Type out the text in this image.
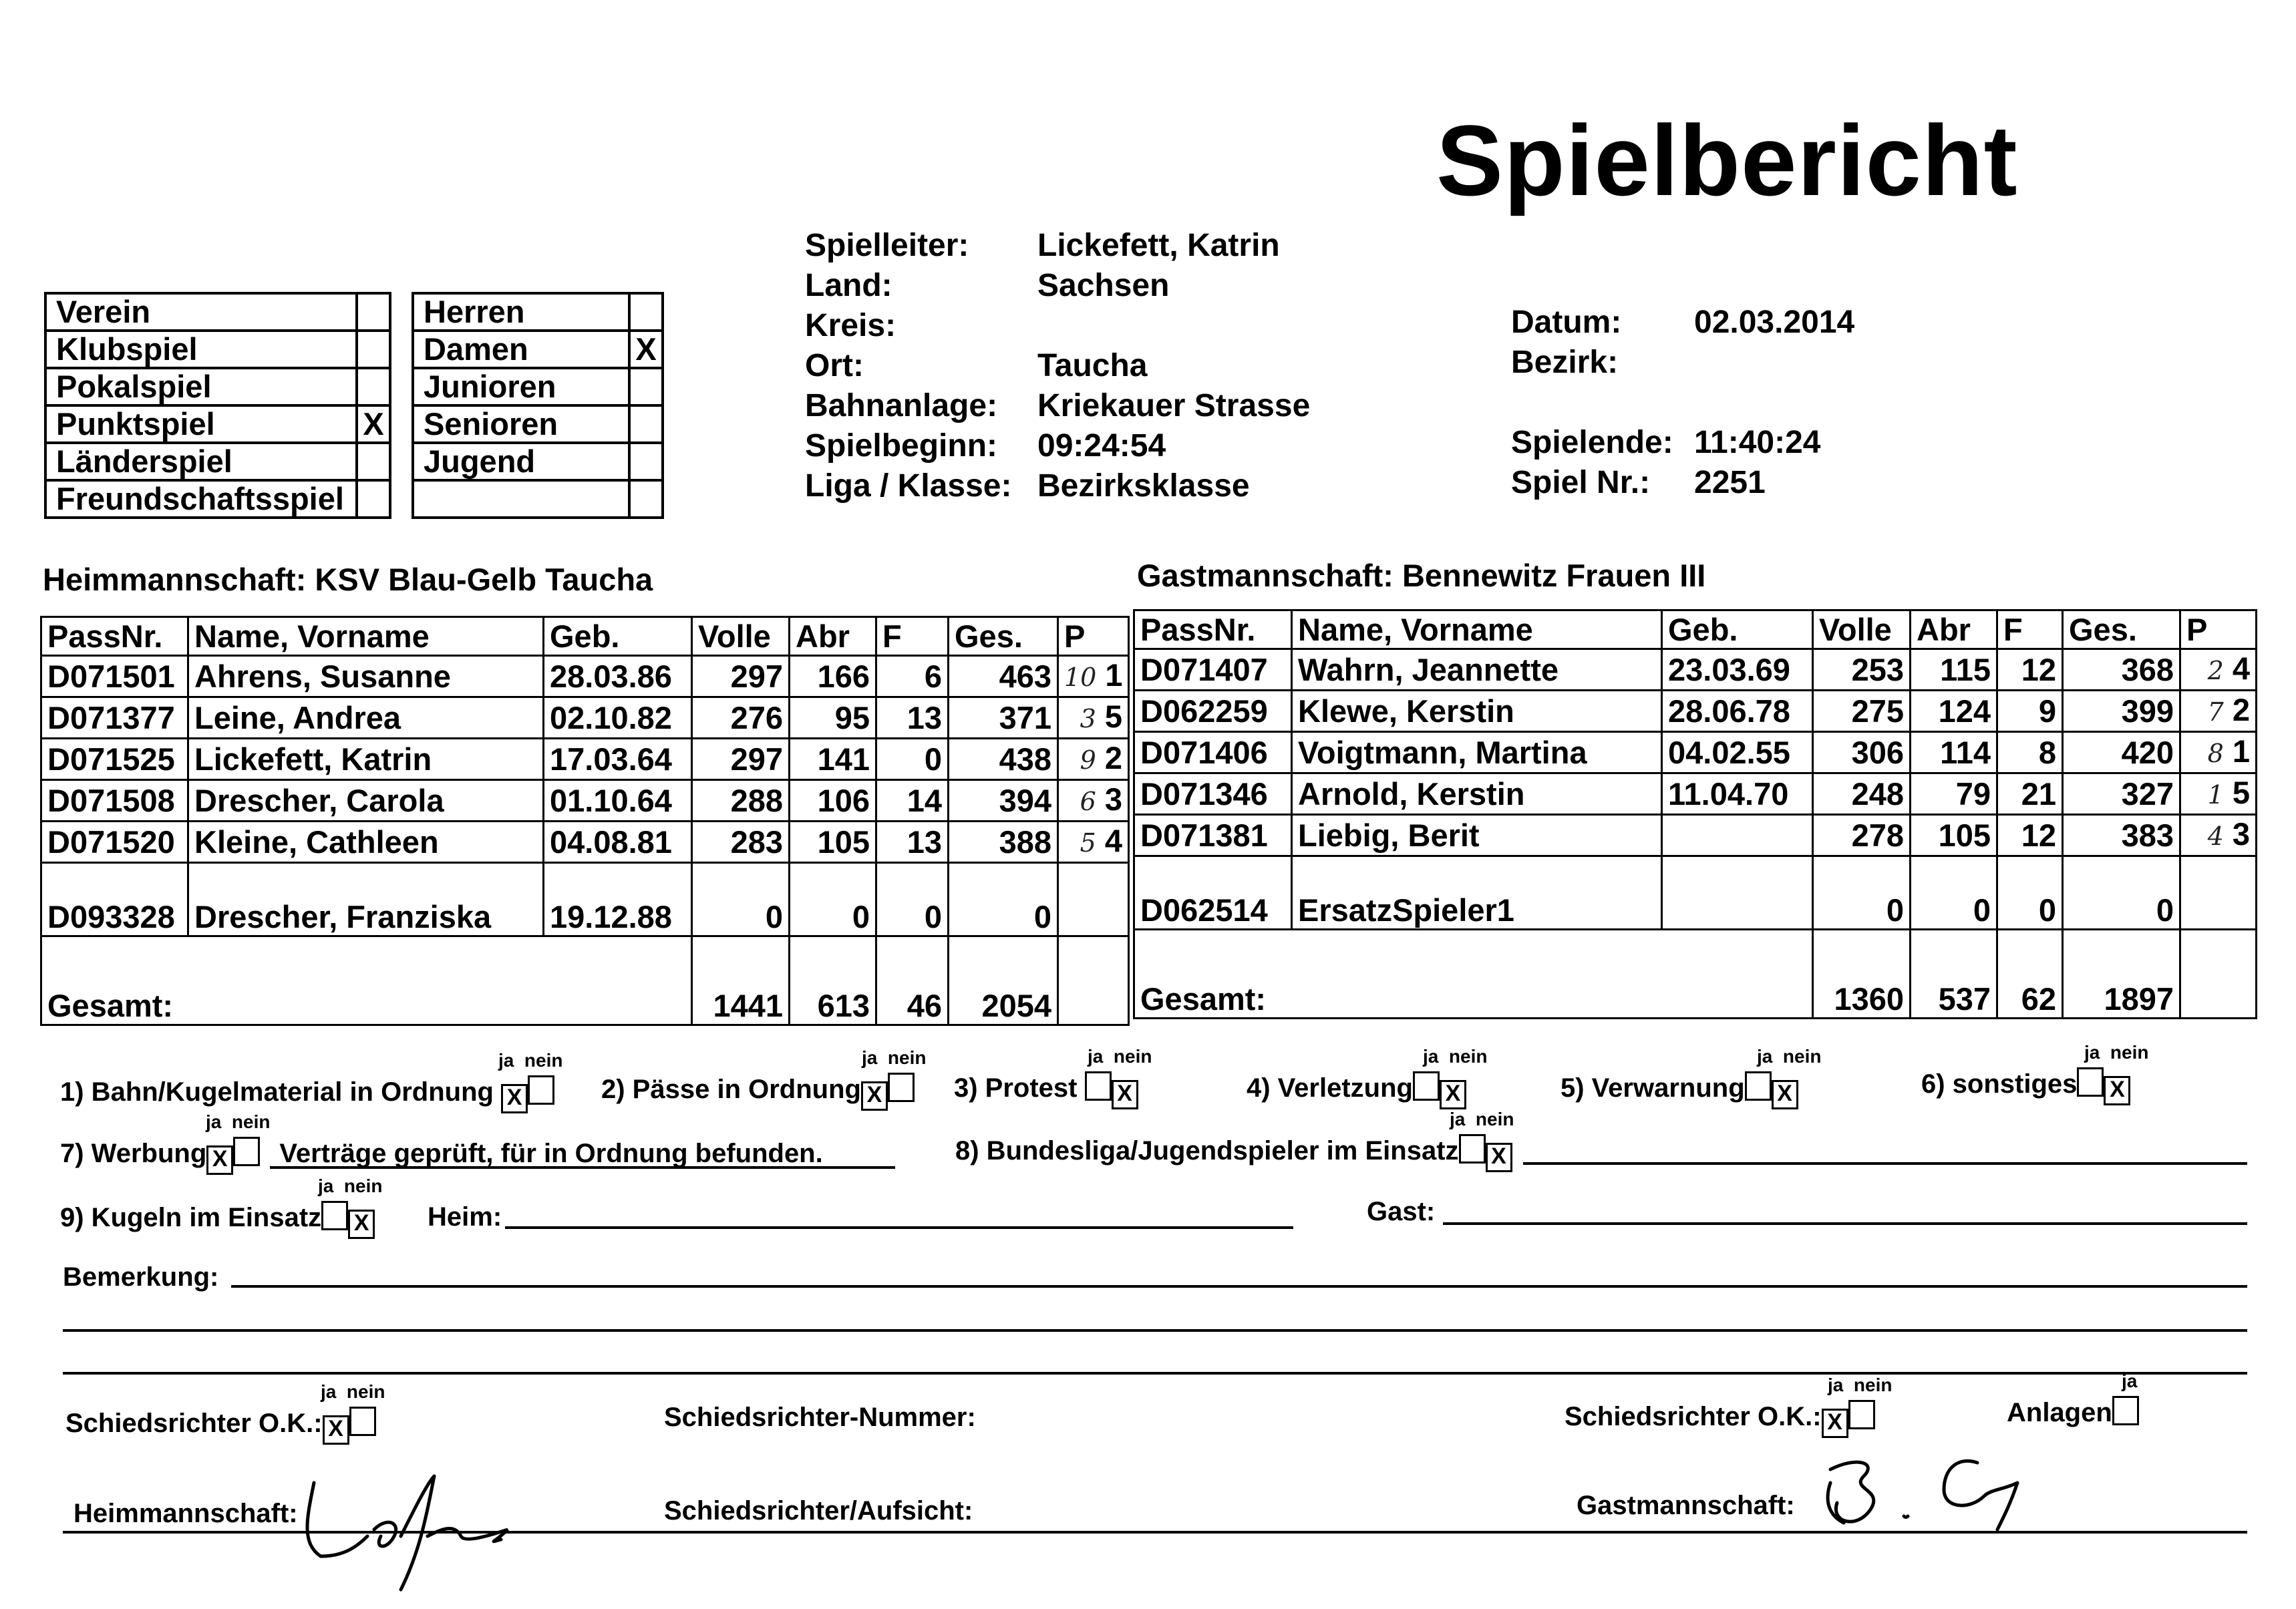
Spielbericht
Spielleiter: Lickefett, Katrin
Land:	Sachsen
Kreis:
Ort:	Taucha
Bahnanlage: Kriekauer Strasse
Spielbeginn: 09:24:54
Liga / Klasse: Bezirksklasse
Datum: 02.03.2014
Bezirk:
Spielende: 11:40:24
Spiel Nr.: 2251
Verein	
Klubspiel	
Pokalspiel	
Punktspiel	X
Länderspiel	
Freundschaftsspiel	
Herren	
Damen	X
Junioren	
Senioren	
Jugend	

Heimmannschaft: KSV Blau-Gelb Taucha	Gastmannschaft: Bennewitz Frauen III
PassNr.	Name, Vorname	Geb.	Volle	Abr	F	Ges.	P
D071501	Ahrens, Susanne	28.03.86	297	166	6	463	10 1
D071377	Leine, Andrea	02.10.82	276	95	13	371	3 5
D071525	Lickefett, Katrin	17.03.64	297	141	0	438	9 2
D071508	Drescher, Carola	01.10.64	288	106	14	394	6 3
D071520	Kleine, Cathleen	04.08.81	283	105	13	388	5 4
D093328	Drescher, Franziska	19.12.88	0	0	0	0	
Gesamt:			1441	613	46	2054	
PassNr.	Name, Vorname	Geb.	Volle	Abr	F	Ges.	P
D071407	Wahrn, Jeannette	23.03.69	253	115	12	368	2 4
D062259	Klewe, Kerstin	28.06.78	275	124	9	399	7 2
D071406	Voigtmann, Martina	04.02.55	306	114	8	420	8 1
D071346	Arnold, Kerstin	11.04.70	248	79	21	327	1 5
D071381	Liebig, Berit		278	105	12	383	4 3
D062514	ErsatzSpieler1		0	0	0	0	
Gesamt:			1360	537	62	1897	
1) Bahn/Kugelmaterial in Ordnung X
ja nein
2) Pässe in Ordnung X
ja nein
3) Protest X
ja nein
4) Verletzung X
ja nein
5) Verwarnung X
ja nein
6) sonstiges X
ja nein
7) Werbung X Verträge geprüft, für in Ordnung befunden.
ja nein
8) Bundesliga/Jugendspieler im Einsatz X
ja nein
9) Kugeln im Einsatz X
ja nein
Heim:	Gast:
Bemerkung:
Schiedsrichter O.K.: X
ja nein
Schiedsrichter-Nummer:	Schiedsrichter O.K.: X
ja nein
Anlagen
ja
Heimmannschaft:	Schiedsrichter/Aufsicht:	Gastmannschaft:
